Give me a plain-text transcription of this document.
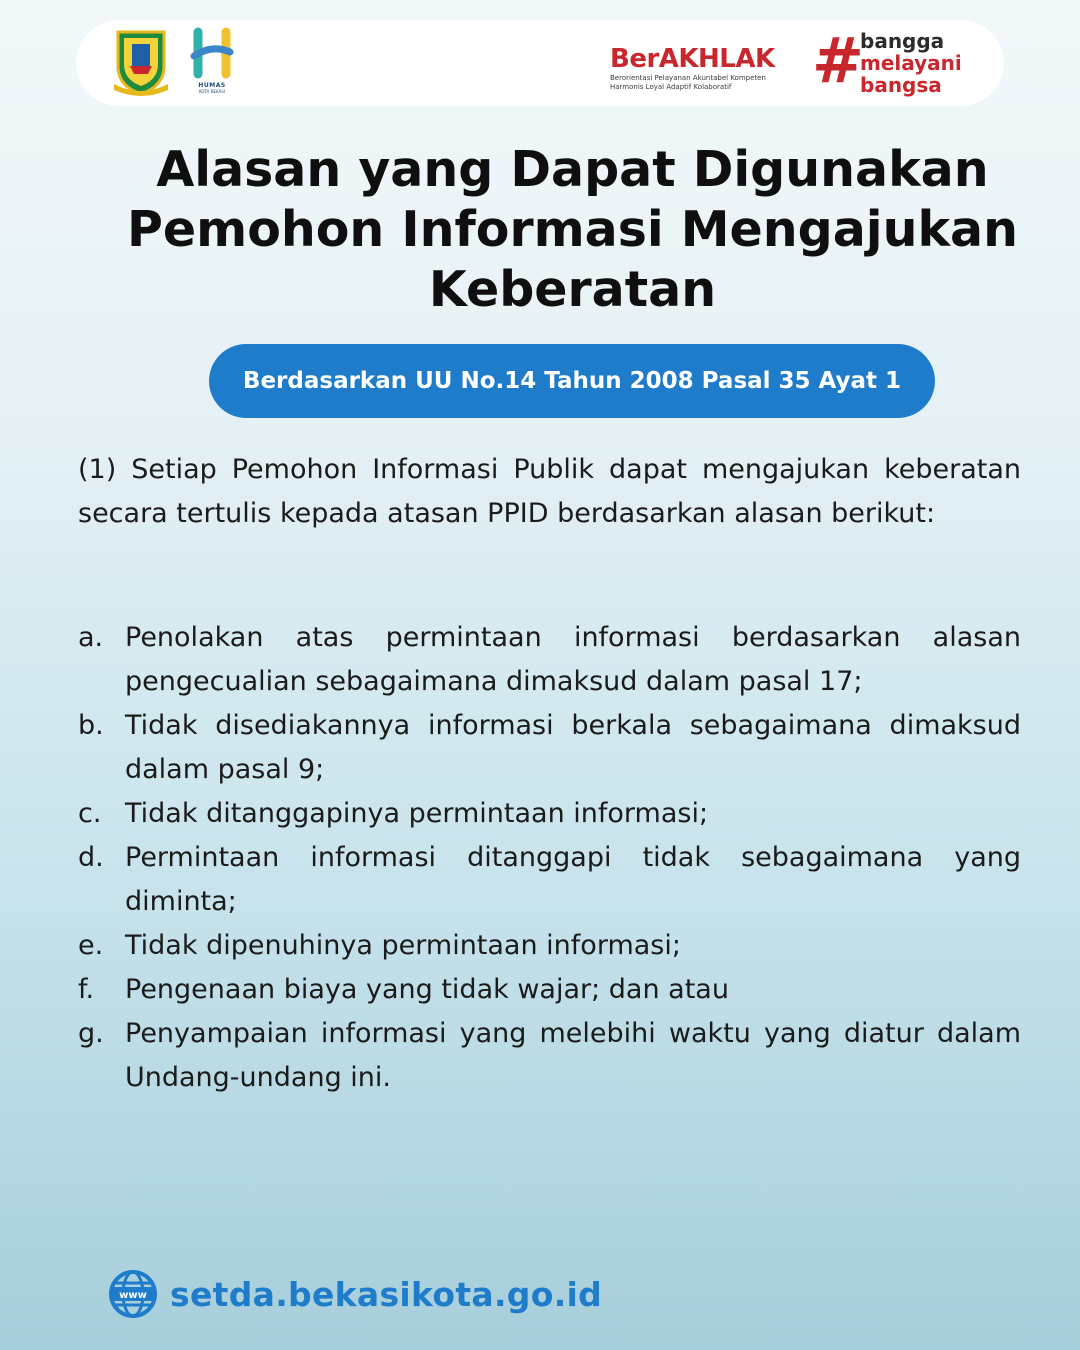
HUMAS
KOTA BEKASI
BerAKHLAK
Berorientasi Pelayanan Akuntabel Kompeten
Harmonis Loyal Adaptif Kolaboratif	#
bangga
melayani
bangsa
Alasan yang Dapat Digunakan Pemohon Informasi Mengajukan Keberatan
Berdasarkan UU No.14 Tahun 2008 Pasal 35 Ayat 1

(1) Setiap Pemohon Informasi Publik dapat mengajukan keberatan secara tertulis kepada atasan PPID berdasarkan alasan berikut:

a. Penolakan atas permintaan informasi berdasarkan alasan pengecualian sebagaimana dimaksud dalam pasal 17;
b. Tidak disediakannya informasi berkala sebagaimana dimaksud dalam pasal 9;
c. Tidak ditanggapinya permintaan informasi;
d. Permintaan informasi ditanggapi tidak sebagaimana yang diminta;
e. Tidak dipenuhinya permintaan informasi;
f.	Pengenaan biaya yang tidak wajar; dan atau
g. Penyampaian informasi yang melebihi waktu yang diatur dalam Undang-undang ini.
www setda.bekasikota.go.id
